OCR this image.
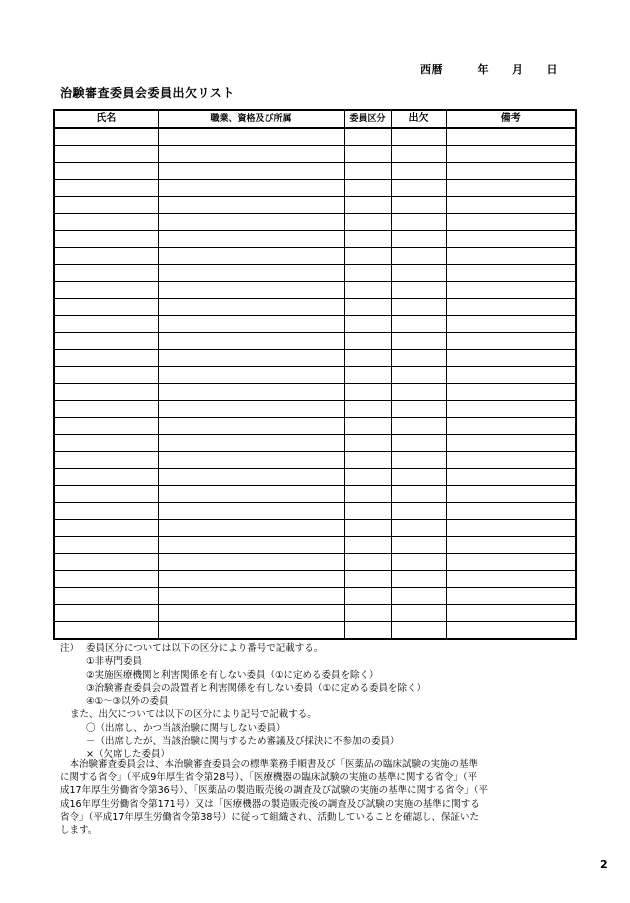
西暦　　　年　　月　　日
治験審査委員会委員出欠リスト
氏名	職業、資格及び所属	委員区分	出欠	備考

注） 委員区分については以下の区分により番号で記載する。
①非専門委員
②実施医療機関と利害関係を有しない委員（①に定める委員を除く）
③治験審査委員会の設置者と利害関係を有しない委員（①に定める委員を除く）
④①～③以外の委員
また、出欠については以下の区分により記号で記載する。
〇（出席し、かつ当該治験に関与しない委員）
－（出席したが、当該治験に関与するため審議及び採決に不参加の委員）
×（欠席した委員）
　本治験審査委員会は、本治験審査委員会の標準業務手順書及び「医薬品の臨床試験の実施の基準
に関する省令」（平成9年厚生省令第28号）、「医療機器の臨床試験の実施の基準に関する省令」（平
成17年厚生労働省令第36号）、「医薬品の製造販売後の調査及び試験の実施の基準に関する省令」（平
成16年厚生労働省令第171号）又は「医療機器の製造販売後の調査及び試験の実施の基準に関する
省令」（平成17年厚生労働省令第38号）に従って組織され、活動していることを確認し、保証いた
します。
2
